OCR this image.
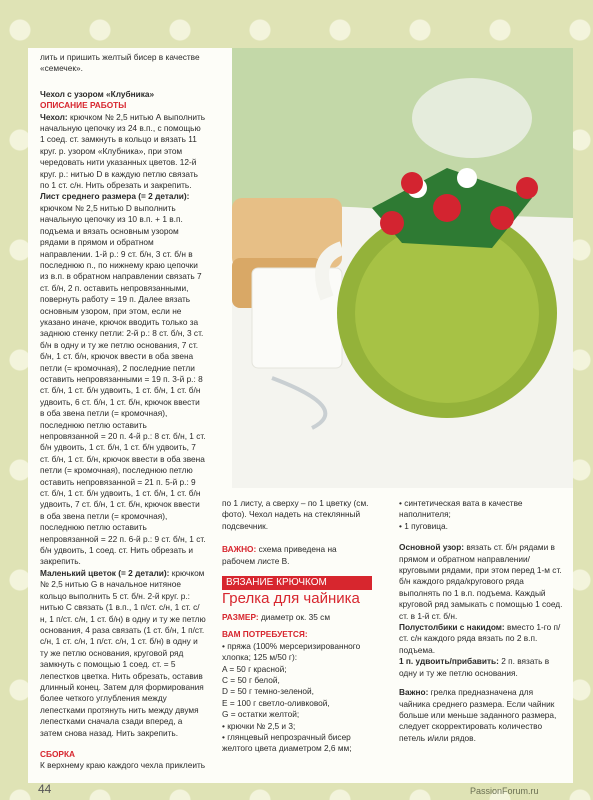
лить и пришить желтый бисер в качестве «семечек».

Чехол с узором «Клубника»

ОПИСАНИЕ РАБОТЫ

Чехол: крючком № 2,5 нитью А выполнить начальную цепочку из 24 в.п., с помощью 1 соед. ст. замкнуть в кольцо и вязать 11 круг. р. узором «Клубника», при этом чередовать нити указанных цветов. 12-й круг. р.: нитью D в каждую петлю связать по 1 ст. с/н. Нить обрезать и закрепить.

Лист среднего размера (= 2 детали): крючком № 2,5 нитью D выполнить начальную цепочку из 10 в.п. + 1 в.п. подъема и вязать основным узором рядами в прямом и обратном направлении. 1-й р.: 9 ст. б/н, 3 ст. б/н в последнюю п., по нижнему краю цепочки из в.п. в обратном направлении связать 7 ст. б/н, 2 п. оставить непровязанными, повернуть работу = 19 п. Далее вязать основным узором, при этом, если не указано иначе, крючок вводить только за заднюю стенку петли: 2-й р.: 8 ст. б/н, 3 ст. б/н в одну и ту же петлю основания, 7 ст. б/н, 1 ст. б/н, крючок ввести в оба звена петли (= кромочная), 2 последние петли оставить непровязанными = 19 п. 3-й р.: 8 ст. б/н, 1 ст. б/н удвоить, 1 ст. б/н, 1 ст. б/н удвоить, 6 ст. б/н, 1 ст. б/н, крючок ввести в оба звена петли (= кромочная), последнюю петлю оставить непровязанной = 20 п. 4-й р.: 8 ст. б/н, 1 ст. б/н удвоить, 1 ст. б/н, 1 ст. б/н удвоить, 7 ст. б/н, 1 ст. б/н, крючок ввести в оба звена петли (= кромочная), последнюю петлю оставить непровязанной = 21 п. 5-й р.: 9 ст. б/н, 1 ст. б/н удвоить, 1 ст. б/н, 1 ст. б/н удвоить, 7 ст. б/н, 1 ст. б/н, крючок ввести в оба звена петли (= кромочная), последнюю петлю оставить непровязанной = 22 п. 6-й р.: 9 ст. б/н, 1 ст. б/н удвоить, 1 соед. ст. Нить обрезать и закрепить.

Маленький цветок (= 2 детали): крючком № 2,5 нитью G в начальное нитяное кольцо выполнить 5 ст. б/н. 2-й круг. р.: нитью С связать (1 в.п., 1 п/ст. с/н, 1 ст. с/н, 1 п/ст. с/н, 1 ст. б/н) в одну и ту же петлю основания, 4 раза связать (1 ст. б/н, 1 п/ст. с/н, 1 ст. с/н, 1 п/ст. с/н, 1 ст. б/н) в одну и ту же петлю основания, круговой ряд замкнуть с помощью 1 соед. ст. = 5 лепестков цветка. Нить обрезать, оставив длинный конец. Затем для формирования более четкого углубления между лепестками протянуть нить между двумя лепестками сначала сзади вперед, а затем снова назад. Нить закрепить.

СБОРКА

К верхнему краю каждого чехла приклеить

по 1 листу, а сверху – по 1 цветку (см. фото). Чехол надеть на стеклянный подсвечник.

ВАЖНО: схема приведена на рабочем листе В.

ВЯЗАНИЕ КРЮЧКОМ
Грелка для чайника

РАЗМЕР: диаметр ок. 35 см

ВАМ ПОТРЕБУЕТСЯ:

• пряжа (100% мерсеризированного хлопка; 125 м/50 г):

A = 50 г красной;

C = 50 г белой,

D = 50 г темно-зеленой,

E = 100 г светло-оливковой,

G = остатки желтой;

• крючки № 2,5 и 3;

• глянцевый непрозрачный бисер желтого цвета диаметром 2,6 мм;

• синтетическая вата в качестве наполнителя;

• 1 пуговица.

Основной узор: вязать ст. б/н рядами в прямом и обратном направлении/круговыми рядами, при этом перед 1-м ст. б/н каждого ряда/кругового ряда выполнять по 1 в.п. подъема. Каждый круговой ряд замыкать с помощью 1 соед. ст. в 1-й ст. б/н.

Полустолбики с накидом: вместо 1-го п/ст. с/н каждого ряда вязать по 2 в.п. подъема.

1 п. удвоить/прибавить: 2 п. вязать в одну и ту же петлю основания.

Важно: грелка предназначена для чайника среднего размера. Если чайник больше или меньше заданного размера, следует скорректировать количество петель и/или рядов.

44	PassionForum.ru
